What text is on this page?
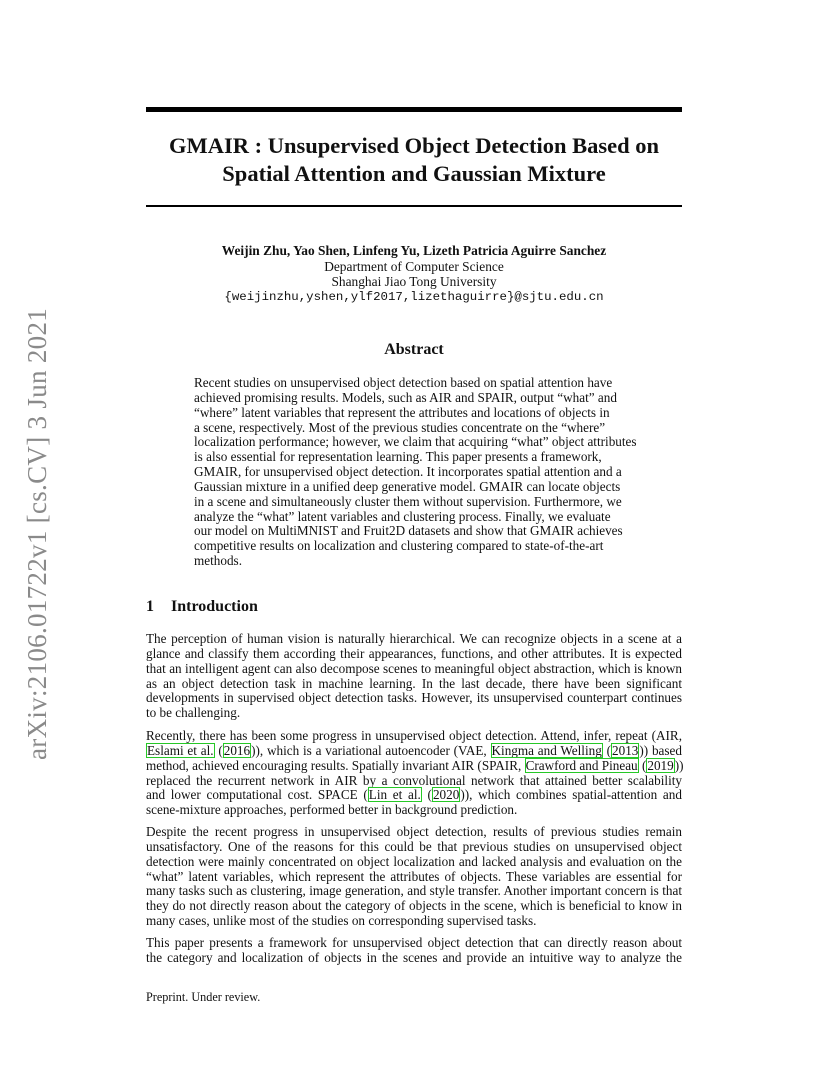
arXiv:2106.01722v1 [cs.CV] 3 Jun 2021
GMAIR : Unsupervised Object Detection Based on
Spatial Attention and Gaussian Mixture
Weijin Zhu, Yao Shen, Linfeng Yu, Lizeth Patricia Aguirre Sanchez
Department of Computer Science
Shanghai Jiao Tong University
{weijinzhu,yshen,ylf2017,lizethaguirre}@sjtu.edu.cn
Abstract
Recent studies on unsupervised object detection based on spatial attention have
achieved promising results. Models, such as AIR and SPAIR, output “what” and
“where” latent variables that represent the attributes and locations of objects in
a scene, respectively. Most of the previous studies concentrate on the “where”
localization performance; however, we claim that acquiring “what” object attributes
is also essential for representation learning. This paper presents a framework,
GMAIR, for unsupervised object detection. It incorporates spatial attention and a
Gaussian mixture in a unified deep generative model. GMAIR can locate objects
in a scene and simultaneously cluster them without supervision. Furthermore, we
analyze the “what” latent variables and clustering process. Finally, we evaluate
our model on MultiMNIST and Fruit2D datasets and show that GMAIR achieves
competitive results on localization and clustering compared to state-of-the-art
methods.
1 Introduction
The perception of human vision is naturally hierarchical. We can recognize objects in a scene at a
glance and classify them according their appearances, functions, and other attributes. It is expected
that an intelligent agent can also decompose scenes to meaningful object abstraction, which is known
as an object detection task in machine learning. In the last decade, there have been significant
developments in supervised object detection tasks. However, its unsupervised counterpart continues
to be challenging.
Recently, there has been some progress in unsupervised object detection. Attend, infer, repeat (AIR,
Eslami et al. (2016)), which is a variational autoencoder (VAE, Kingma and Welling (2013)) based
method, achieved encouraging results. Spatially invariant AIR (SPAIR, Crawford and Pineau (2019))
replaced the recurrent network in AIR by a convolutional network that attained better scalability
and lower computational cost. SPACE (Lin et al. (2020)), which combines spatial-attention and
scene-mixture approaches, performed better in background prediction.
Despite the recent progress in unsupervised object detection, results of previous studies remain
unsatisfactory. One of the reasons for this could be that previous studies on unsupervised object
detection were mainly concentrated on object localization and lacked analysis and evaluation on the
“what” latent variables, which represent the attributes of objects. These variables are essential for
many tasks such as clustering, image generation, and style transfer. Another important concern is that
they do not directly reason about the category of objects in the scene, which is beneficial to know in
many cases, unlike most of the studies on corresponding supervised tasks.
This paper presents a framework for unsupervised object detection that can directly reason about
the category and localization of objects in the scenes and provide an intuitive way to analyze the
Preprint. Under review.
